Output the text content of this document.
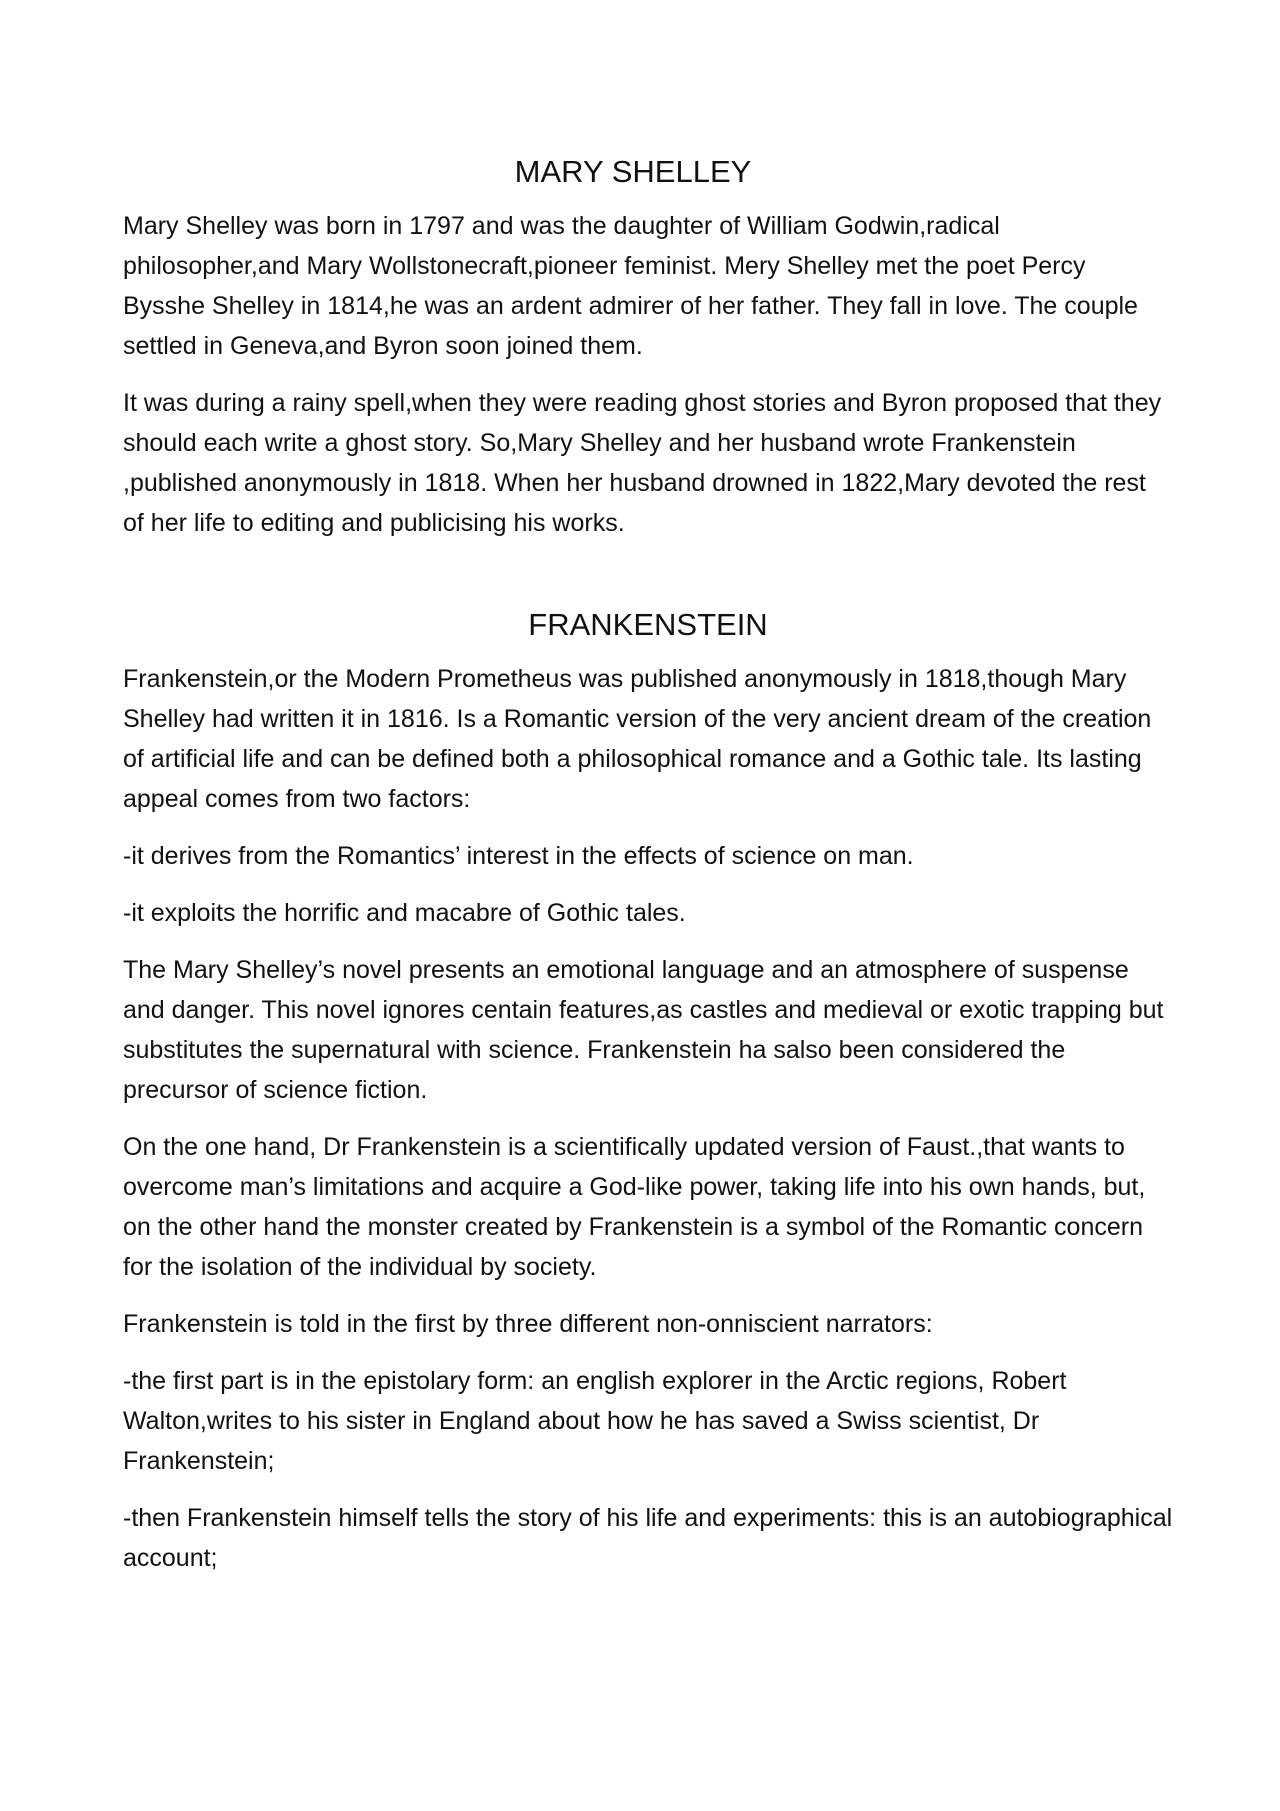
MARY SHELLEY

Mary Shelley was born in 1797 and was the daughter of William Godwin,radical philosopher,and Mary Wollstonecraft,pioneer feminist. Mery Shelley met the poet Percy Bysshe Shelley in 1814,he was an ardent admirer of her father. They fall in love. The couple settled in Geneva,and Byron soon joined them.

It was during a rainy spell,when they were reading ghost stories and Byron proposed that they should each write a ghost story. So,Mary Shelley and her husband wrote Frankenstein ,published anonymously in 1818. When her husband drowned in 1822,Mary devoted the rest of her life to editing and publicising his works.

FRANKENSTEIN

Frankenstein,or the Modern Prometheus was published anonymously in 1818,though Mary Shelley had written it in 1816. Is a Romantic version of the very ancient dream of the creation of artificial life and can be defined both a philosophical romance and a Gothic tale. Its lasting appeal comes from two factors:

-it derives from the Romantics’ interest in the effects of science on man.

-it exploits the horrific and macabre of Gothic tales.

The Mary Shelley’s novel presents an emotional language and an atmosphere of suspense and danger. This novel ignores centain features,as castles and medieval or exotic trapping but substitutes the supernatural with science. Frankenstein ha salso been considered the precursor of science fiction.

On the one hand, Dr Frankenstein is a scientifically updated version of Faust.,that wants to overcome man’s limitations and acquire a God-like power, taking life into his own hands, but, on the other hand the monster created by Frankenstein is a symbol of the Romantic concern for the isolation of the individual by society.

Frankenstein is told in the first by three different non-onniscient narrators:

-the first part is in the epistolary form: an english explorer in the Arctic regions, Robert Walton,writes to his sister in England about how he has saved a Swiss scientist, Dr Frankenstein;

-then Frankenstein himself tells the story of his life and experiments: this is an autobiographical account;
